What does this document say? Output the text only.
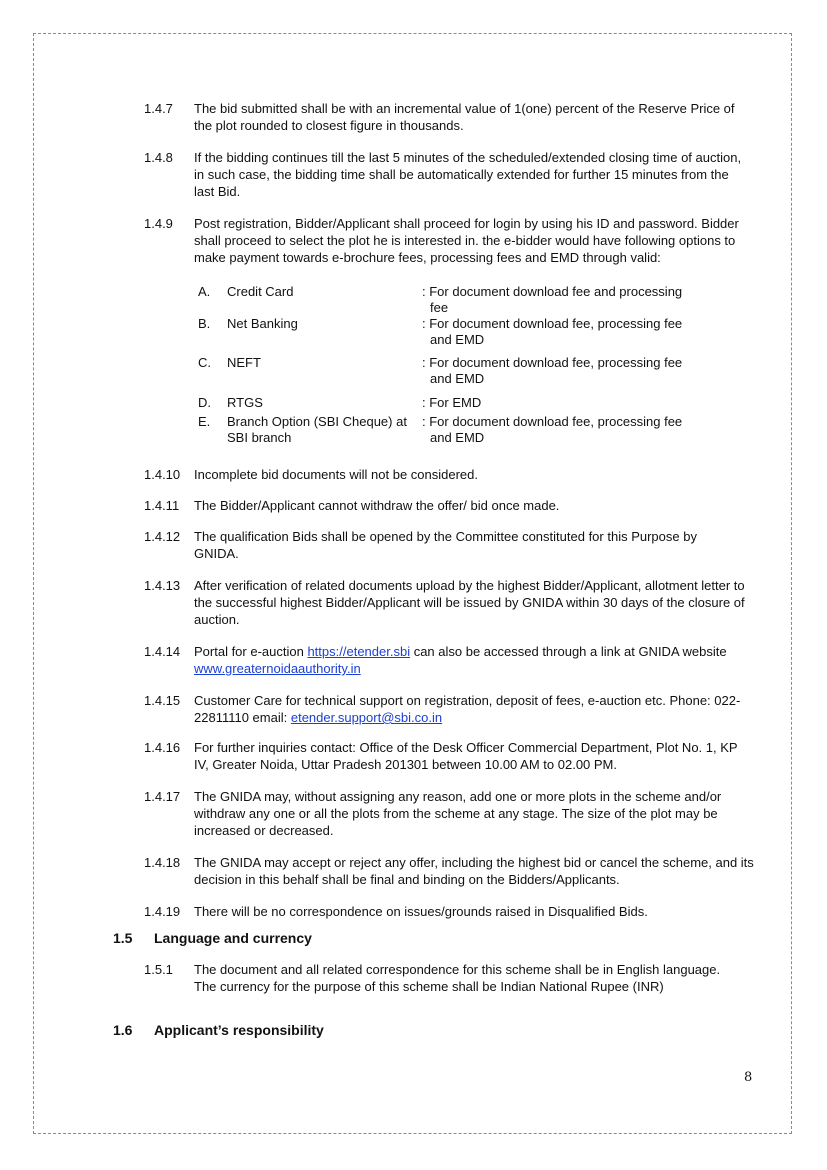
1.4.7 The bid submitted shall be with an incremental value of 1(one) percent of the Reserve Price of the plot rounded to closest figure in thousands.
1.4.8 If the bidding continues till the last 5 minutes of the scheduled/extended closing time of auction, in such case, the bidding time shall be automatically extended for further 15 minutes from the last Bid.
1.4.9 Post registration, Bidder/Applicant shall proceed for login by using his ID and password. Bidder shall proceed to select the plot he is interested in. the e-bidder would have following options to make payment towards e-brochure fees, processing fees and EMD through valid:
A. Credit Card	: For document download fee and processing
fee
B. Net Banking	: For document download fee, processing fee
and EMD
C. NEFT	: For document download fee, processing fee
and EMD
D. RTGS	: For EMD
E. Branch Option (SBI Cheque) at SBI branch
: For document download fee, processing fee
and EMD
1.4.10 Incomplete bid documents will not be considered.
1.4.11 The Bidder/Applicant cannot withdraw the offer/ bid once made.
1.4.12 The qualification Bids shall be opened by the Committee constituted for this Purpose by GNIDA.
1.4.13 After verification of related documents upload by the highest Bidder/Applicant, allotment letter to the successful highest Bidder/Applicant will be issued by GNIDA within 30 days of the closure of auction.
1.4.14 Portal for e-auction https://etender.sbi can also be accessed through a link at GNIDA website www.greaternoidaauthority.in
1.4.15 Customer Care for technical support on registration, deposit of fees, e-auction etc. Phone: 022-22811110 email: etender.support@sbi.co.in
1.4.16 For further inquiries contact: Office of the Desk Officer Commercial Department, Plot No. 1, KP IV, Greater Noida, Uttar Pradesh 201301 between 10.00 AM to 02.00 PM.
1.4.17 The GNIDA may, without assigning any reason, add one or more plots in the scheme and/or withdraw any one or all the plots from the scheme at any stage. The size of the plot may be increased or decreased.
1.4.18 The GNIDA may accept or reject any offer, including the highest bid or cancel the scheme, and its decision in this behalf shall be final and binding on the Bidders/Applicants.
1.4.19 There will be no correspondence on issues/grounds raised in Disqualified Bids.
1.5 Language and currency
1.5.1 The document and all related correspondence for this scheme shall be in English language. The currency for the purpose of this scheme shall be Indian National Rupee (INR)
1.6 Applicant’s responsibility
8
